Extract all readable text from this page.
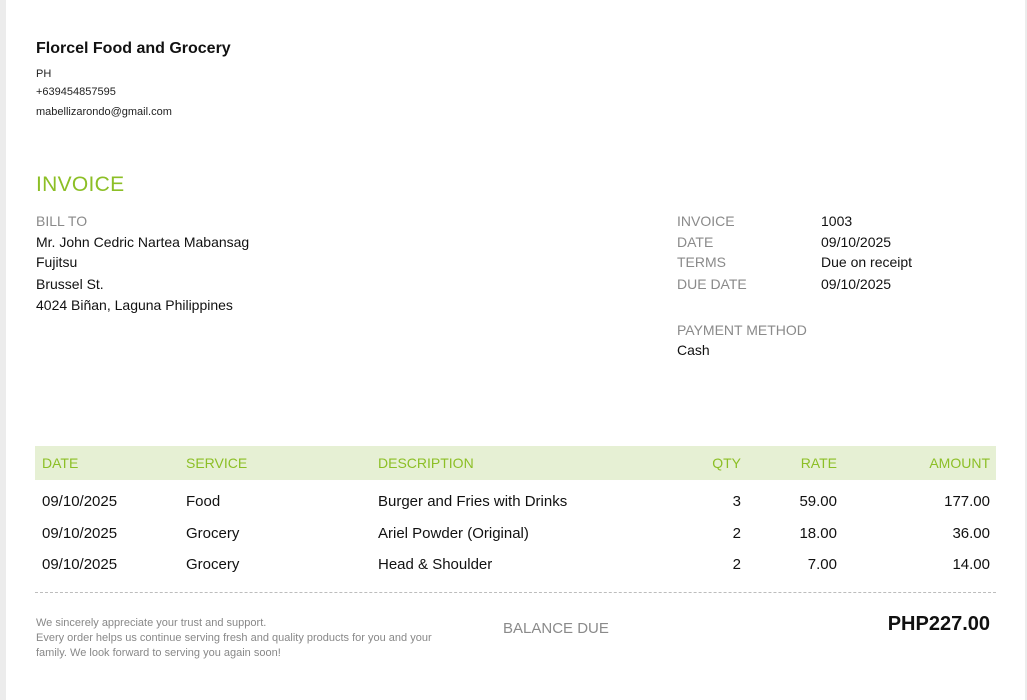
Florcel Food and Grocery
PH
+639454857595
mabellizarondo@gmail.com
INVOICE
BILL TO
Mr. John Cedric Nartea Mabansag
Fujitsu
Brussel St.
4024 Biñan, Laguna Philippines
INVOICE	1003
DATE	09/10/2025
TERMS	Due on receipt
DUE DATE	09/10/2025
PAYMENT METHOD
Cash
DATE	SERVICE	DESCRIPTION	QTY	RATE	AMOUNT
09/10/2025	Food	Burger and Fries with Drinks	3	59.00	177.00
09/10/2025	Grocery	Ariel Powder (Original)	2	18.00	36.00
09/10/2025	Grocery	Head & Shoulder	2	7.00	14.00
We sincerely appreciate your trust and support.
Every order helps us continue serving fresh and quality products for you and your family. We look forward to serving you again soon!
BALANCE DUE	PHP227.00
